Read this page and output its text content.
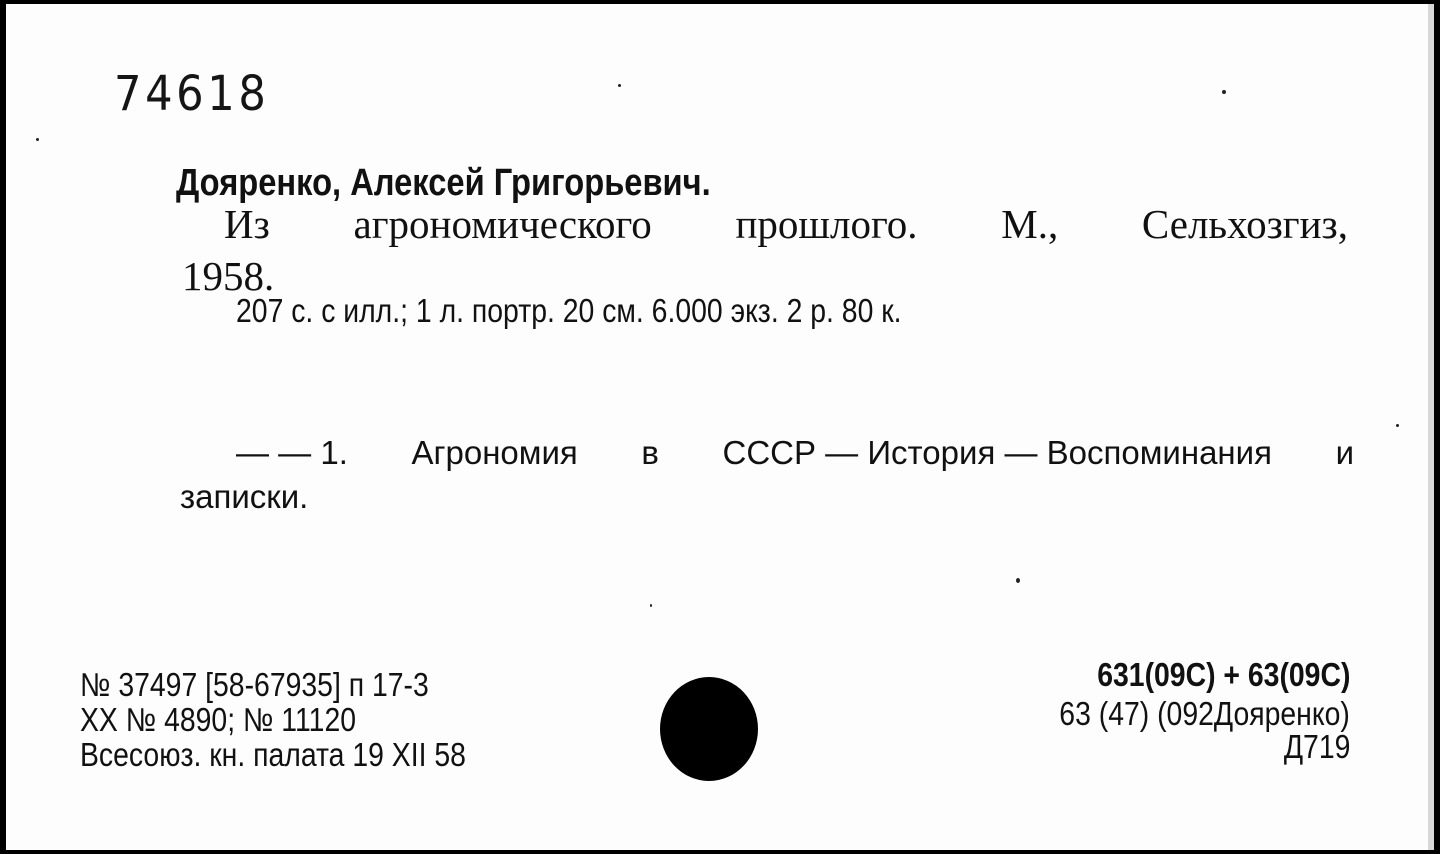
74618
Дояренко, Алексей Григорьевич.
Из агрономического прошлого. М., Сельхозгиз,
1958.
207 с. с илл.; 1 л. портр. 20 см. 6.000 экз. 2 р. 80 к.
— — 1. Агрономия в СССР — История — Воспоминания и
записки.
№ 37497 [58-67935] п 17-3
XX № 4890; № 11120
Всесоюз. кн. палата 19 XII 58
631(09С) + 63(09С)
63 (47) (092Дояренко)
Д719
